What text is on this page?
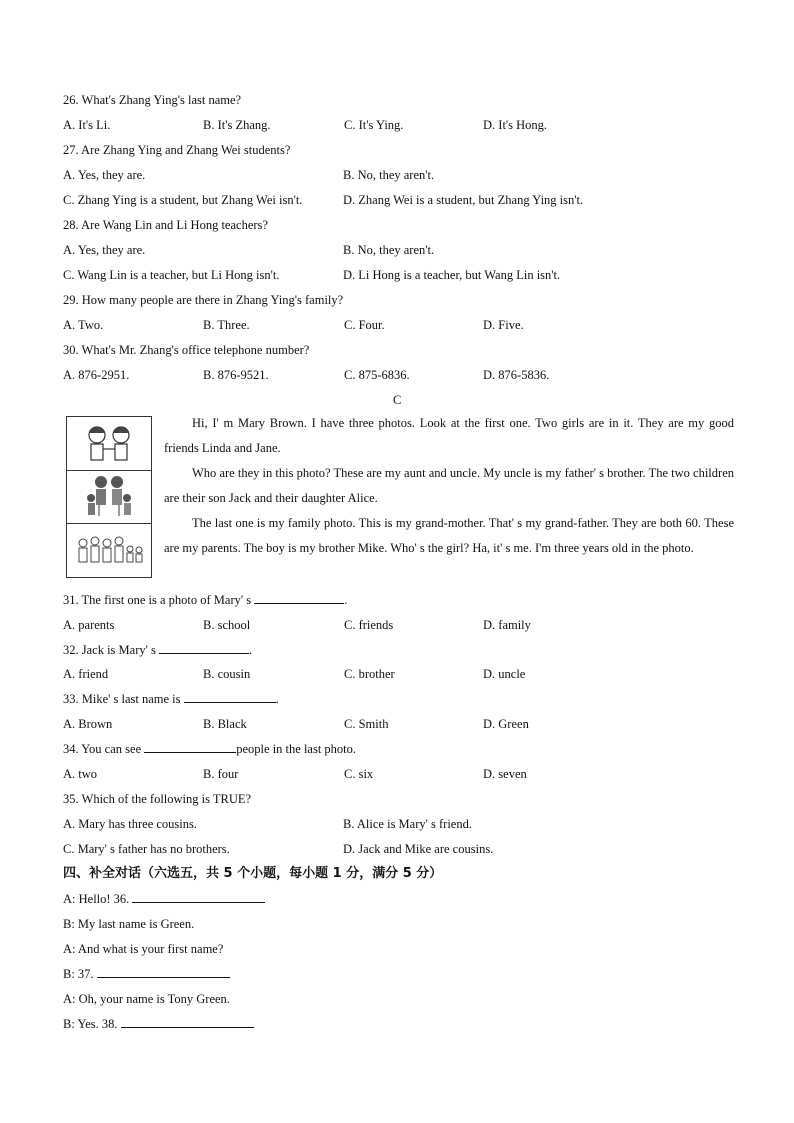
26. What's Zhang Ying's last name?
A. It's Li.	B. It's Zhang.	C. It's Ying.	D. It's Hong.
27. Are Zhang Ying and Zhang Wei students?
A. Yes, they are.	B. No, they aren't.
C. Zhang Ying is a student, but Zhang Wei isn't.	D. Zhang Wei is a student, but Zhang Ying isn't.
28. Are Wang Lin and Li Hong teachers?
A. Yes, they are.	B. No, they aren't.
C. Wang Lin is a teacher, but Li Hong isn't.	D. Li Hong is a teacher, but Wang Lin isn't.
29. How many people are there in Zhang Ying's family?
A. Two.	B. Three.	C. Four.	D. Five.
30. What's Mr. Zhang's office telephone number?
A. 876-2951.	B. 876-9521.	C. 875-6836.	D. 876-5836.
C

Hi, I' m Mary Brown. I have three photos. Look at the first one. Two girls are in it. They are my good friends Linda and Jane.

Who are they in this photo? These are my aunt and uncle. My uncle is my father' s brother. The two children are their son Jack and their daughter Alice.

The last one is my family photo. This is my grand-mother. That' s my grand-father. They are both 60. These are my parents. The boy is my brother Mike. Who' s the girl? Ha, it' s me. I'm three years old in the photo.

31. The first one is a photo of Mary' s	.
A. parents	B. school	C. friends	D. family
32. Jack is Mary' s	.
A. friend	B. cousin	C. brother	D. uncle
33. Mike' s last name is	.
A. Brown	B. Black	C. Smith	D. Green
34. You can see	people in the last photo.
A. two	B. four	C. six	D. seven
35. Which of the following is TRUE?
A. Mary has three cousins.	B. Alice is Mary' s friend.
C. Mary' s father has no brothers.	D. Jack and Mike are cousins.
四、补全对话（六选五，共 5 个小题，每小题 1 分，满分 5 分）
A: Hello! 36.
B: My last name is Green.
A: And what is your first name?
B: 37.
A: Oh, your name is Tony Green.
B: Yes. 38.
